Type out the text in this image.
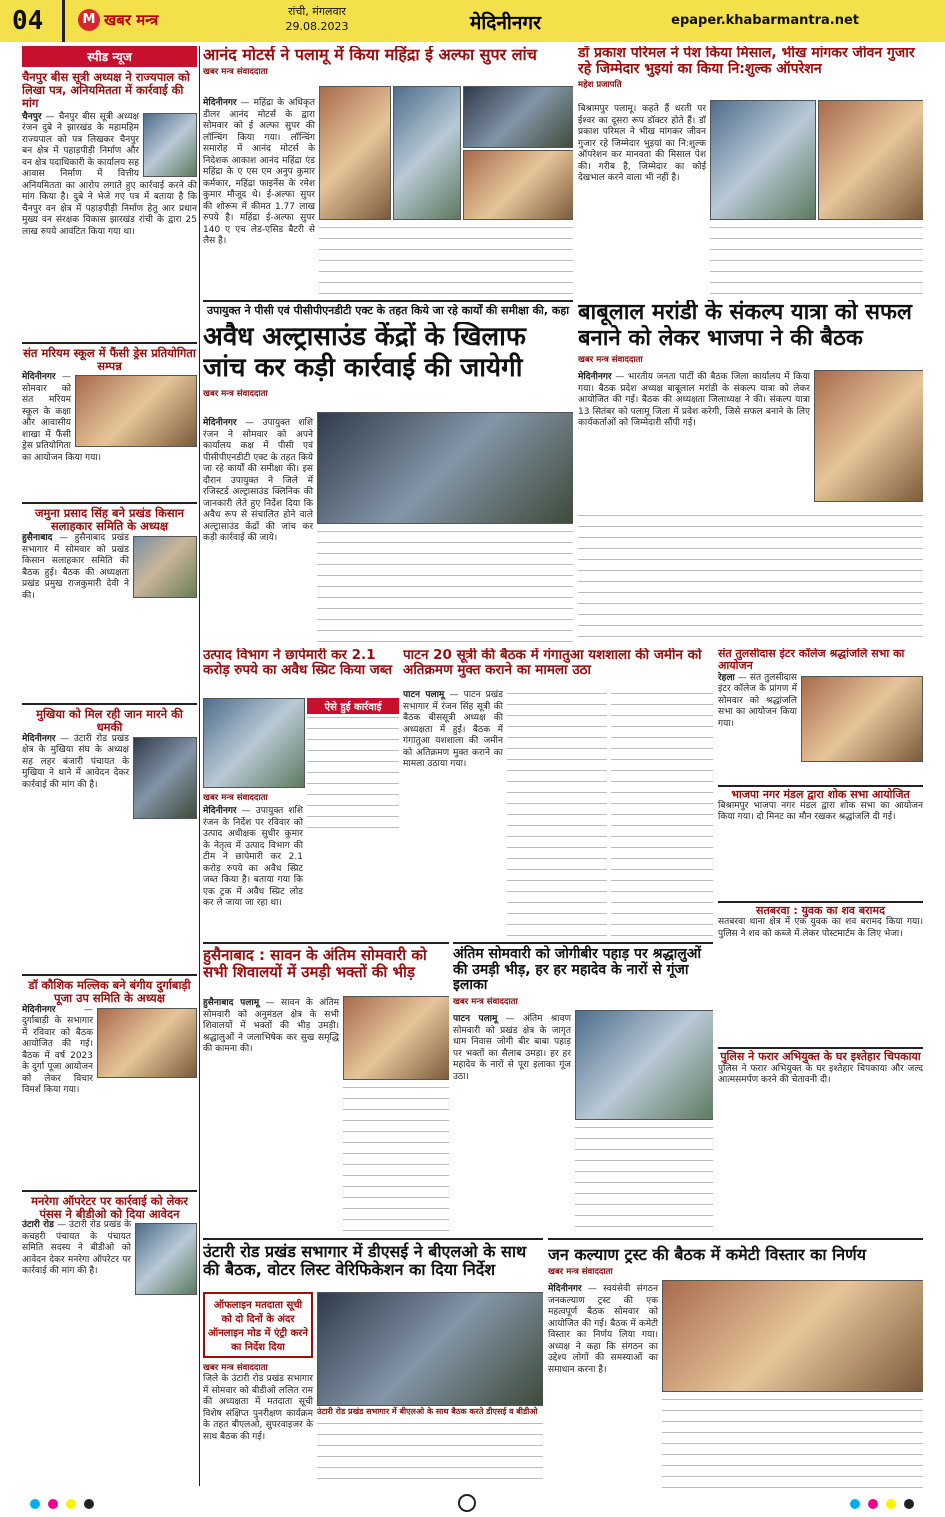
04	M खबर मन्त्र	रांची, मंगलवार
29.08.2023	मेदिनीनगर	epaper.khabarmantra.net
स्पीड न्यूज
चैनपुर बीस सूत्री अध्यक्ष ने राज्यपाल को लिखा पत्र, अनियमितता में कार्रवाई की मांग
चैनपुर — चैनपुर बीस सूत्री अध्यक्ष रंजन दुबे ने झारखंड के महामहिम राज्यपाल को पत्र लिखकर चैनपुर बन क्षेत्र में पहाड़पीड़ी निर्माण और वन क्षेत्र पदाधिकारी के कार्यालय सह आवास निर्माण में वित्तीय अनियमितता का आरोप लगाते हुए कार्रवाई करने की मांग किया है। दुबे ने भेजे गए पत्र में बताया है कि चैनपुर वन क्षेत्र में पहाड़पीड़ी निर्माण हेतु आर प्रधान मुख्य वन संरक्षक विकास झारखंड रांची के द्वारा 25 लाख रुपये आवंटित किया गया था।
संत मरियम स्कूल में फैंसी ड्रेस प्रतियोगिता सम्पन्न
मेदिनीनगर — सोमवार को संत मरियम स्कूल के कक्षा और आवासीय शाखा में फैंसी ड्रेस प्रतियोगिता का आयोजन किया गया।
जमुना प्रसाद सिंह बने प्रखंड किसान सलाहकार समिति के अध्यक्ष
हुसैनाबाद — हुसैनाबाद प्रखंड सभागार में सोमवार को प्रखंड किसान सलाहकार समिति की बैठक हुई। बैठक की अध्यक्षता प्रखंड प्रमुख राजकुमारी देवी ने की।
मुखिया को मिल रही जान मारने की धमकी
मेदिनीनगर — उंटारी रोड प्रखंड क्षेत्र के मुखिया संघ के अध्यक्ष सह लहर बंजारी पंचायत के मुखिया ने थाने में आवेदन देकर कार्रवाई की मांग की है।
डॉ कौशिक मल्लिक बने बंगीय दुर्गाबाड़ी पूजा उप समिति के अध्यक्ष
मेदिनीनगर — दुर्गाबाड़ी के सभागार में रविवार को बैठक आयोजित की गई। बैठक में वर्ष 2023 के दुर्गा पूजा आयोजन को लेकर विचार विमर्श किया गया।
मनरेगा ऑपरेटर पर कार्रवाई को लेकर पंसस ने बीडीओ को दिया आवेदन
उंटारी रोड — उंटारी रोड प्रखंड के कचहरी पंचायत के पंचायत समिति सदस्य ने बीडीओ को आवेदन देकर मनरेगा ऑपरेटर पर कार्रवाई की मांग की है।
आनंद मोटर्स ने पलामू में किया महिंद्रा ई अल्फा सुपर लांच
खबर मन्त्र संवाददाता
मेदिनीनगर — महिंद्रा के अधिकृत डीलर आनंद मोटर्स के द्वारा सोमवार को ई अल्फा सुपर की लॉन्चिंग किया गया। लॉन्चिंग समारोह में आनंद मोटर्स के निदेशक आकाश आनंद महिंद्रा एंड महिंद्रा के ए एस एम अनुप कुमार कर्मकार, महिंद्रा फाइनेंस के रमेश कुमार मौजूद थे। ई-अल्फा सुपर की शोरूम में कीमत 1.77 लाख रुपये है। महिंद्रा ई-अल्फा सुपर 140 ए एच लेड-एसिड बैटरी से लैस है।
डॉ प्रकाश परिमल ने पेश किया मिसाल, भीख मांगकर जीवन गुजार रहे जिम्मेदार भुइयां का किया नि:शुल्क ऑपरेशन
महेश प्रजापति
बिश्रामपुर पलामू। कहते हैं धरती पर ईश्वर का दूसरा रूप डॉक्टर होते हैं। डॉ प्रकाश परिमल ने भीख मांगकर जीवन गुजार रहे जिम्मेदार भुइयां का नि:शुल्क ऑपरेशन कर मानवता की मिसाल पेश की। गरीब है, जिम्मेदार का कोई देखभाल करने वाला भी नहीं है।
उपायुक्त ने पीसी एवं पीसीपीएनडीटी एक्ट के तहत किये जा रहे कार्यों की समीक्षा की, कहा
अवैध अल्ट्रासाउंड केंद्रों के खिलाफ जांच कर कड़ी कार्रवाई की जायेगी
खबर मन्त्र संवाददाता
मेदिनीनगर — उपायुक्त शशि रंजन ने सोमवार को अपने कार्यालय कक्ष में पीसी एवं पीसीपीएनडीटी एक्ट के तहत किये जा रहे कार्यों की समीक्षा की। इस दौरान उपायुक्त ने जिले में रजिस्टर्ड अल्ट्रासाउंड क्लिनिक की जानकारी लेते हुए निर्देश दिया कि अवैध रूप से संचालित होने वाले अल्ट्रासाउंड केंद्रों की जांच कर कड़ी कार्रवाई की जाये।
बाबूलाल मरांडी के संकल्प यात्रा को सफल बनाने को लेकर भाजपा ने की बैठक
खबर मन्त्र संवाददाता
मेदिनीनगर — भारतीय जनता पार्टी की बैठक जिला कार्यालय में किया गया। बैठक प्रदेश अध्यक्ष बाबूलाल मरांडी के संकल्प यात्रा को लेकर आयोजित की गई। बैठक की अध्यक्षता जिलाध्यक्ष ने की। संकल्प यात्रा 13 सितंबर को पलामू जिला में प्रवेश करेगी, जिसे सफल बनाने के लिए कार्यकर्ताओं को जिम्मेदारी सौंपी गई।
उत्पाद विभाग ने छापेमारी कर 2.1 करोड़ रुपये का अवैध स्प्रिट किया जब्त
ऐसे हुई कार्रवाई
खबर मन्त्र संवाददाता
मेदिनीनगर — उपायुक्त शशि रंजन के निर्देश पर रविवार को उत्पाद अधीक्षक सुधीर कुमार के नेतृत्व में उत्पाद विभाग की टीम ने छापेमारी कर 2.1 करोड़ रुपये का अवैध स्प्रिट जब्त किया है। बताया गया कि एक ट्रक में अवैध स्प्रिट लोड कर ले जाया जा रहा था।
पाटन 20 सूत्री की बैठक में गंगातुआ यशशाला की जमीन को अतिक्रमण मुक्त कराने का मामला उठा
पाटन पलामू — पाटन प्रखंड सभागार में रंजन सिंह सूत्री की बैठक बीससूत्री अध्यक्ष की अध्यक्षता में हुई। बैठक में गंगातुआ यशशाला की जमीन को अतिक्रमण मुक्त कराने का मामला उठाया गया।
संत तुलसीदास इंटर कॉलेज श्रद्धांजलि सभा का आयोजन
रेहला — संत तुलसीदास इंटर कॉलेज के प्रांगण में सोमवार को श्रद्धांजलि सभा का आयोजन किया गया।
भाजपा नगर मंडल द्वारा शोक सभा आयोजित
बिश्रामपुर भाजपा नगर मंडल द्वारा शोक सभा का आयोजन किया गया। दो मिनट का मौन रखकर श्रद्धांजलि दी गई।
सतबरवा : युवक का शव बरामद
सतबरवा थाना क्षेत्र में एक युवक का शव बरामद किया गया। पुलिस ने शव को कब्जे में लेकर पोस्टमार्टम के लिए भेजा।
पुलिस ने फरार अभियुक्त के घर इश्तेहार चिपकाया
पुलिस ने फरार अभियुक्त के घर इश्तेहार चिपकाया और जल्द आत्मसमर्पण करने की चेतावनी दी।
हुसैनाबाद : सावन के अंतिम सोमवारी को सभी शिवालयों में उमड़ी भक्तों की भीड़
हुसैनाबाद पलामू — सावन के अंतिम सोमवारी को अनुमंडल क्षेत्र के सभी शिवालयों में भक्तों की भीड़ उमड़ी। श्रद्धालुओं ने जलाभिषेक कर सुख समृद्धि की कामना की।
अंतिम सोमवारी को जोगीबीर पहाड़ पर श्रद्धालुओं की उमड़ी भीड़, हर हर महादेव के नारों से गूंजा इलाका
खबर मन्त्र संवाददाता
पाटन पलामू — अंतिम श्रावण सोमवारी को प्रखंड क्षेत्र के जागृत धाम निवास जोगी बीर बाबा पहाड़ पर भक्तों का सैलाब उमड़ा। हर हर महादेव के नारों से पूरा इलाका गूंज उठा।
उंटारी रोड प्रखंड सभागार में डीएसई ने बीएलओ के साथ की बैठक, वोटर लिस्ट वेरिफिकेशन का दिया निर्देश
ऑफलाइन मतदाता सूची को दो दिनों के अंदर ऑनलाइन मोड में एंट्री करने का निर्देश दिया
खबर मन्त्र संवाददाता
जिले के उंटारी रोड प्रखंड सभागार में सोमवार को बीडीओ ललित राम की अध्यक्षता में मतदाता सूची विशेष संक्षिप्त पुनरीक्षण कार्यक्रम के तहत बीएलओ, सुपरवाइजर के साथ बैठक की गई।
उंटारी रोड प्रखंड सभागार में बीएलओ के साथ बैठक करते डीएसई व बीडीओ
जन कल्याण ट्रस्ट की बैठक में कमेटी विस्तार का निर्णय
खबर मन्त्र संवाददाता
मेदिनीनगर — स्वयंसेवी संगठन जनकल्याण ट्रस्ट की एक महत्वपूर्ण बैठक सोमवार को आयोजित की गई। बैठक में कमेटी विस्तार का निर्णय लिया गया। अध्यक्ष ने कहा कि संगठन का उद्देश्य लोगों की समस्याओं का समाधान करना है।
